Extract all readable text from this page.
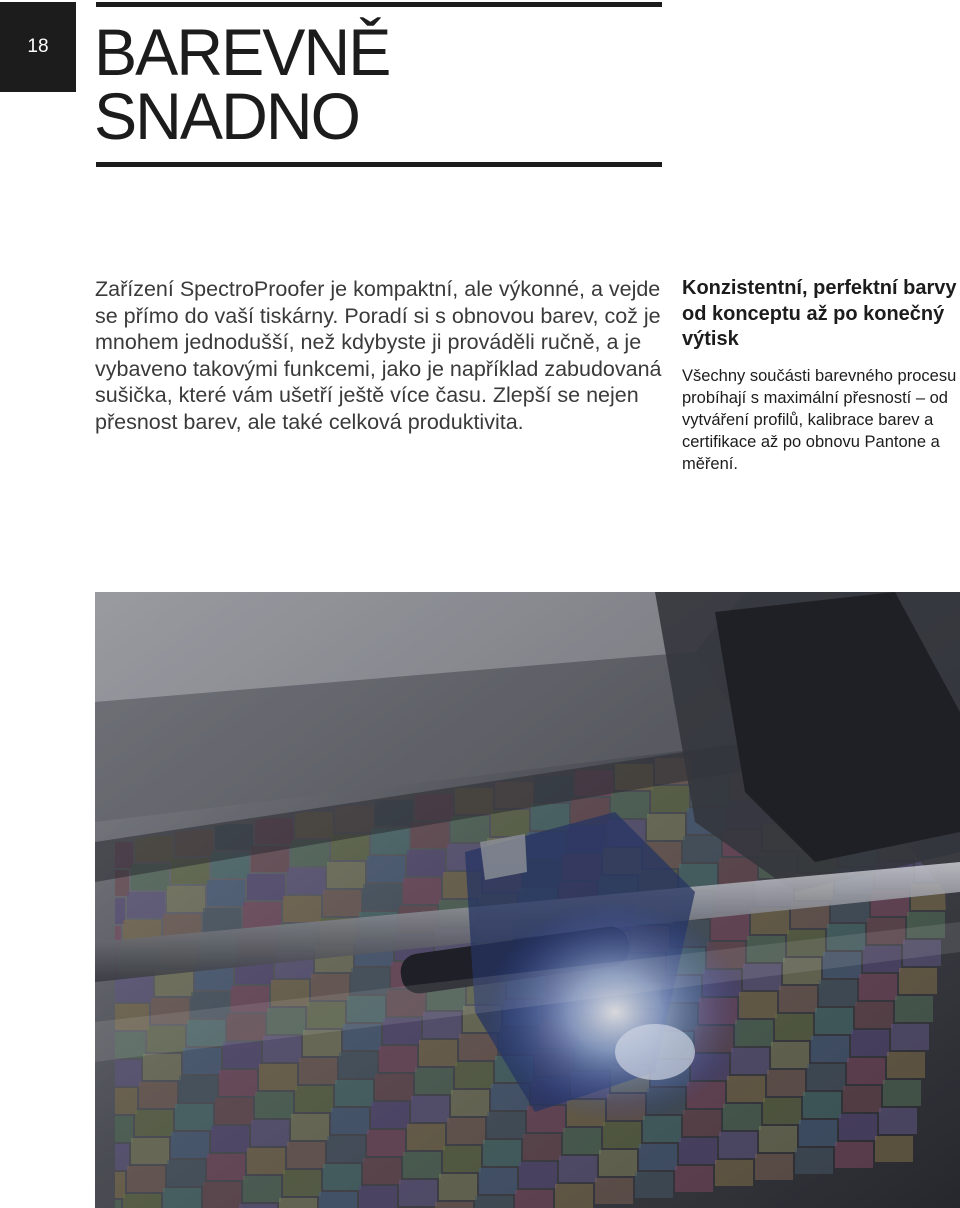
18 BAREVNĚ
SNADNO

Zařízení SpectroProofer je kompaktní, ale výkonné, a vejde se přímo do vaší tiskárny. Poradí si s obnovou barev, což je mnohem jednodušší, než kdybyste ji prováděli ručně, a je vybaveno takovými funkcemi, jako je například zabudovaná sušička, které vám ušetří ještě více času. Zlepší se nejen přesnost barev, ale také celková produktivita.

Konzistentní, perfektní barvy od konceptu až po konečný výtisk

Všechny součásti barevného procesu probíhají s maximální přesností – od vytváření profilů, kalibrace barev a certifikace až po obnovu Pantone a měření.
